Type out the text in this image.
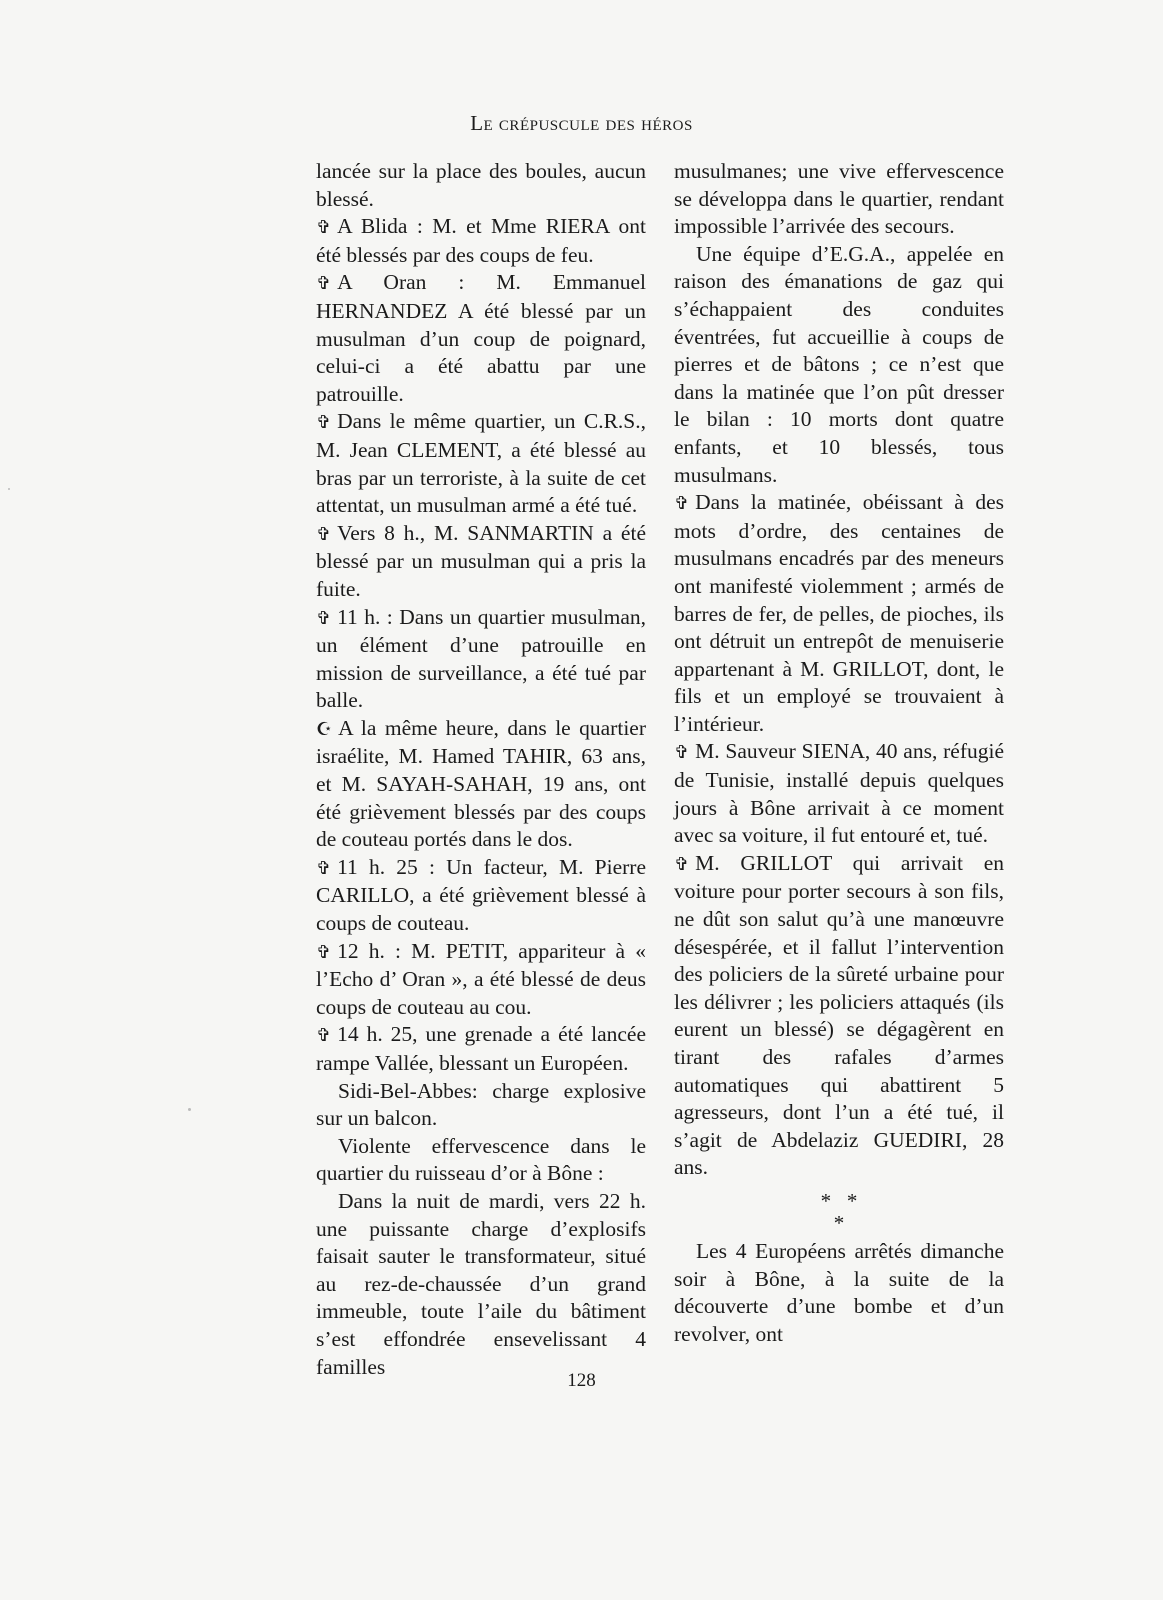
Le crépuscule des héros

lancée sur la place des boules, aucun blessé.

✞ A Blida : M. et Mme RIERA ont été blessés par des coups de feu.

✞ A Oran : M. Emmanuel HERNANDEZ A été blessé par un musulman d’un coup de poignard, celui-ci a été abattu par une patrouille.

✞ Dans le même quartier, un C.R.S., M. Jean CLEMENT, a été blessé au bras par un terroriste, à la suite de cet attentat, un musulman armé a été tué.

✞ Vers 8 h., M. SANMARTIN a été blessé par un musulman qui a pris la fuite.

✞ 11 h. : Dans un quartier musulman, un élément d’une patrouille en mission de surveillance, a été tué par balle.

☪ A la même heure, dans le quartier israélite, M. Hamed TAHIR, 63 ans, et M. SAYAH-SAHAH, 19 ans, ont été grièvement blessés par des coups de couteau portés dans le dos.

✞ 11 h. 25 : Un facteur, M. Pierre CARILLO, a été grièvement blessé à coups de couteau.

✞ 12 h. : M. PETIT, appariteur à « l’Echo d’ Oran », a été blessé de deus coups de couteau au cou.

✞ 14 h. 25, une grenade a été lancée rampe Vallée, blessant un Européen.

Sidi-Bel-Abbes: charge explosive sur un balcon.

Violente effervescence dans le quartier du ruisseau d’or à Bône :

Dans la nuit de mardi, vers 22 h. une puissante charge d’explosifs faisait sauter le transformateur, situé au rez-de-chaussée d’un grand immeuble, toute l’aile du bâtiment s’est effondrée ensevelissant 4 familles

musulmanes; une vive effervescence se développa dans le quartier, rendant impossible l’arrivée des secours.

Une équipe d’E.G.A., appelée en raison des émanations de gaz qui s’échappaient des conduites éventrées, fut accueillie à coups de pierres et de bâtons ; ce n’est que dans la matinée que l’on pût dresser le bilan : 10 morts dont quatre enfants, et 10 blessés, tous musulmans.

✞ Dans la matinée, obéissant à des mots d’ordre, des centaines de musulmans encadrés par des meneurs ont manifesté violemment ; armés de barres de fer, de pelles, de pioches, ils ont détruit un entrepôt de menuiserie appartenant à M. GRILLOT, dont, le fils et un employé se trouvaient à l’intérieur.

✞ M. Sauveur SIENA, 40 ans, réfugié de Tunisie, installé depuis quelques jours à Bône arrivait à ce moment avec sa voiture, il fut entouré et, tué.

✞ M. GRILLOT qui arrivait en voiture pour porter secours à son fils, ne dût son salut qu’à une manœuvre désespérée, et il fallut l’intervention des policiers de la sûreté urbaine pour les délivrer ; les policiers attaqués (ils eurent un blessé) se dégagèrent en tirant des rafales d’armes automatiques qui abattirent 5 agresseurs, dont l’un a été tué, il s’agit de Abdelaziz GUEDIRI, 28 ans.

*   *
*

Les 4 Européens arrêtés dimanche soir à Bône, à la suite de la découverte d’une bombe et d’un revolver, ont

128
